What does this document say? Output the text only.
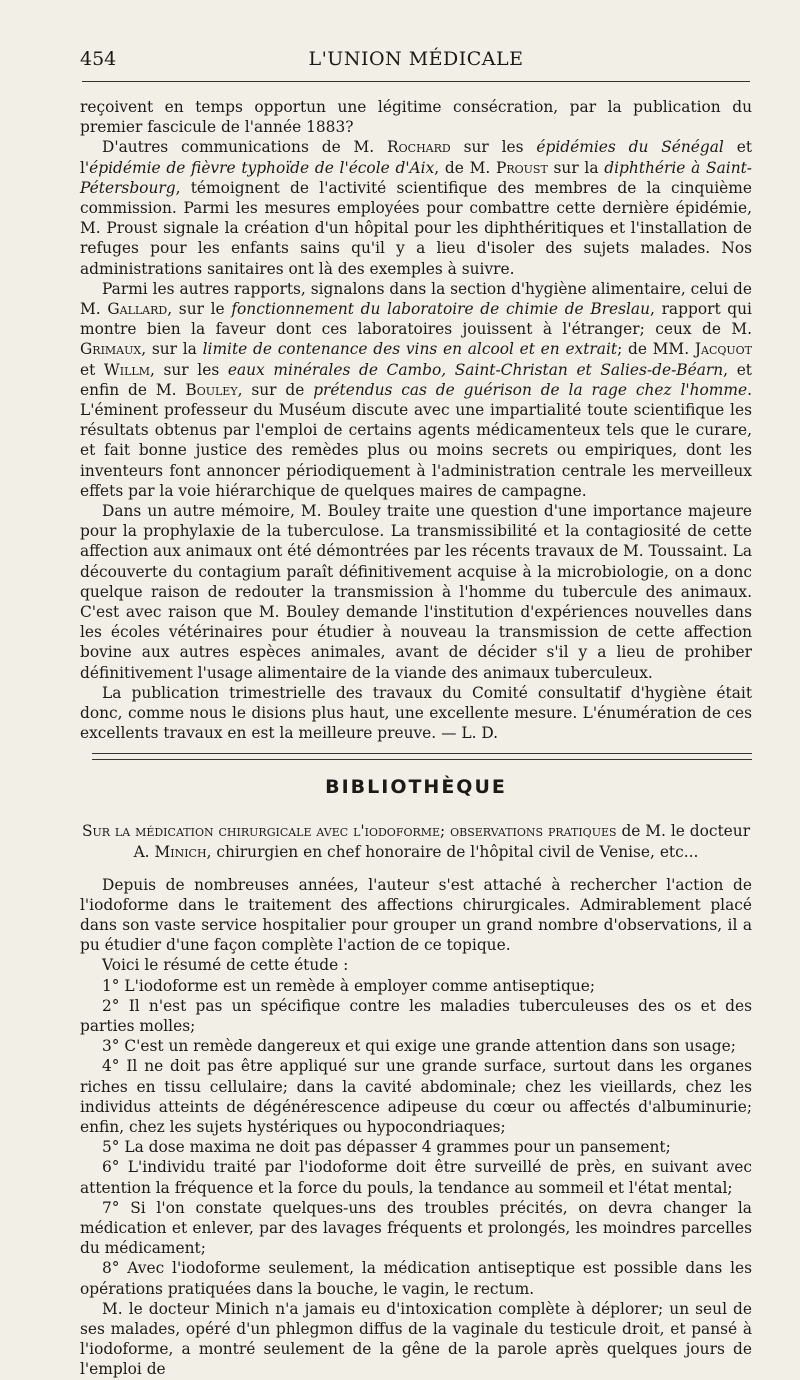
454	L'UNION MÉDICALE

reçoivent en temps opportun une légitime consécration, par la publication du premier fascicule de l'année 1883?

D'autres communications de M. Rochard sur les épidémies du Sénégal et l'épidémie de fièvre typhoïde de l'école d'Aix, de M. Proust sur la diphthérie à Saint-Pétersbourg, témoignent de l'activité scientifique des membres de la cinquième commission. Parmi les mesures employées pour combattre cette dernière épidémie, M. Proust signale la création d'un hôpital pour les diphthéritiques et l'installation de refuges pour les enfants sains qu'il y a lieu d'isoler des sujets malades. Nos administrations sanitaires ont là des exemples à suivre.

Parmi les autres rapports, signalons dans la section d'hygiène alimentaire, celui de M. Gallard, sur le fonctionnement du laboratoire de chimie de Breslau, rapport qui montre bien la faveur dont ces laboratoires jouissent à l'étranger; ceux de M. Grimaux, sur la limite de contenance des vins en alcool et en extrait; de MM. Jacquot et Willm, sur les eaux minérales de Cambo, Saint-Christan et Salies-de-Béarn, et enfin de M. Bouley, sur de prétendus cas de guérison de la rage chez l'homme. L'éminent professeur du Muséum discute avec une impartialité toute scientifique les résultats obtenus par l'emploi de certains agents médicamenteux tels que le curare, et fait bonne justice des remèdes plus ou moins secrets ou empiriques, dont les inventeurs font annoncer périodiquement à l'administration centrale les merveilleux effets par la voie hiérarchique de quelques maires de campagne.

Dans un autre mémoire, M. Bouley traite une question d'une importance majeure pour la prophylaxie de la tuberculose. La transmissibilité et la contagiosité de cette affection aux animaux ont été démontrées par les récents travaux de M. Toussaint. La découverte du contagium paraît définitivement acquise à la microbiologie, on a donc quelque raison de redouter la transmission à l'homme du tubercule des animaux. C'est avec raison que M. Bouley demande l'institution d'expériences nouvelles dans les écoles vétérinaires pour étudier à nouveau la transmission de cette affection bovine aux autres espèces animales, avant de décider s'il y a lieu de prohiber définitivement l'usage alimentaire de la viande des animaux tuberculeux.

La publication trimestrielle des travaux du Comité consultatif d'hygiène était donc, comme nous le disions plus haut, une excellente mesure. L'énumération de ces excellents travaux en est la meilleure preuve. — L. D.

BIBLIOTHÈQUE
Sur la médication chirurgicale avec l'iodoforme; observations pratiques de M. le docteur A. Minich, chirurgien en chef honoraire de l'hôpital civil de Venise, etc...

Depuis de nombreuses années, l'auteur s'est attaché à rechercher l'action de l'iodoforme dans le traitement des affections chirurgicales. Admirablement placé dans son vaste service hospitalier pour grouper un grand nombre d'observations, il a pu étudier d'une façon complète l'action de ce topique.

Voici le résumé de cette étude :

1° L'iodoforme est un remède à employer comme antiseptique;

2° Il n'est pas un spécifique contre les maladies tuberculeuses des os et des parties molles;

3° C'est un remède dangereux et qui exige une grande attention dans son usage;

4° Il ne doit pas être appliqué sur une grande surface, surtout dans les organes riches en tissu cellulaire; dans la cavité abdominale; chez les vieillards, chez les individus atteints de dégénérescence adipeuse du cœur ou affectés d'albuminurie; enfin, chez les sujets hystériques ou hypocondriaques;

5° La dose maxima ne doit pas dépasser 4 grammes pour un pansement;

6° L'individu traité par l'iodoforme doit être surveillé de près, en suivant avec attention la fréquence et la force du pouls, la tendance au sommeil et l'état mental;

7° Si l'on constate quelques-uns des troubles précités, on devra changer la médication et enlever, par des lavages fréquents et prolongés, les moindres parcelles du médicament;

8° Avec l'iodoforme seulement, la médication antiseptique est possible dans les opérations pratiquées dans la bouche, le vagin, le rectum.

M. le docteur Minich n'a jamais eu d'intoxication complète à déplorer; un seul de ses malades, opéré d'un phlegmon diffus de la vaginale du testicule droit, et pansé à l'iodoforme, a montré seulement de la gêne de la parole après quelques jours de l'emploi de
